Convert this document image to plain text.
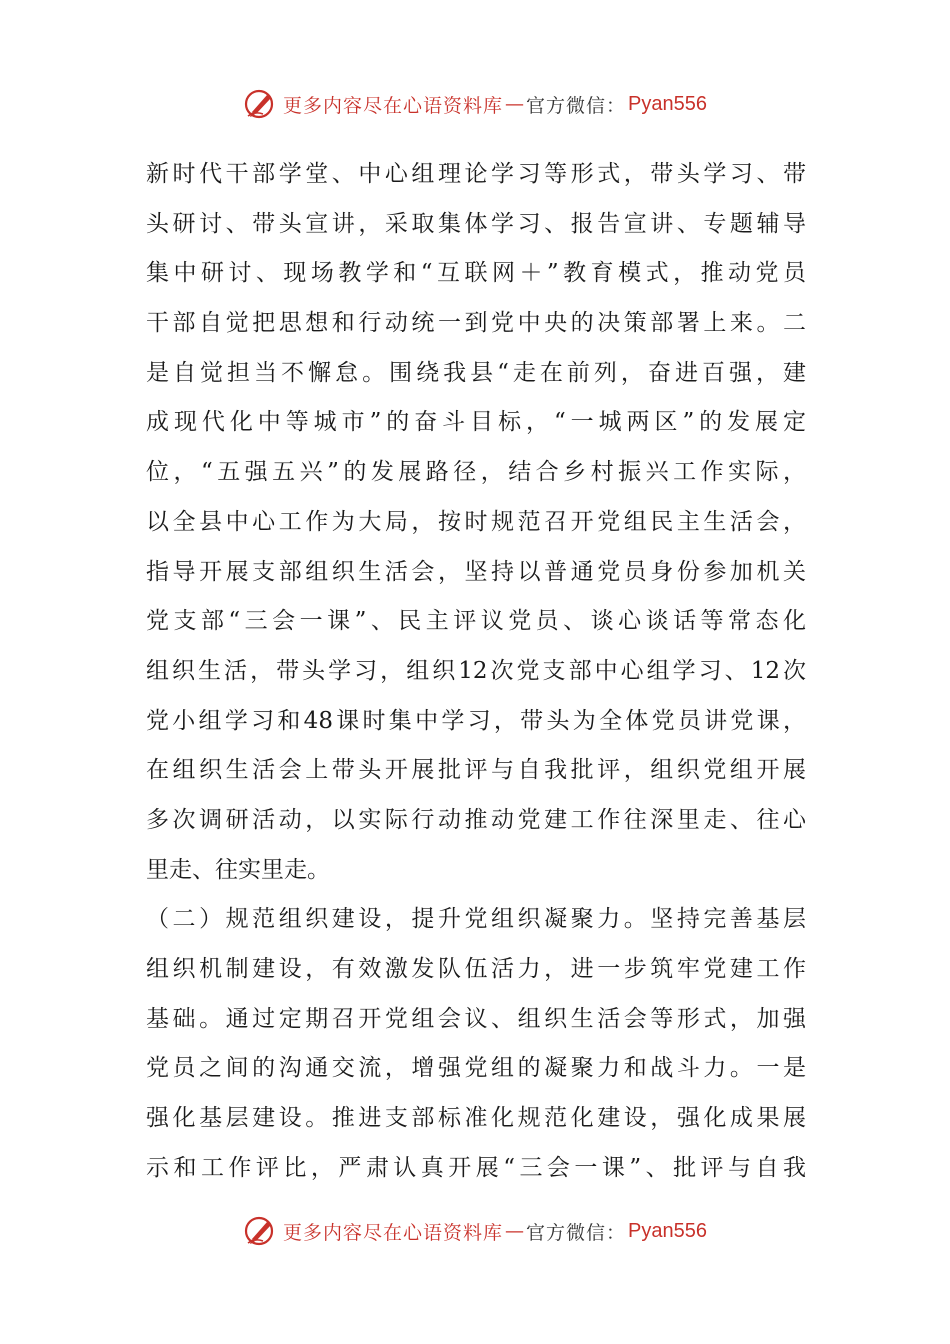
更多内容尽在心语资料库 — 官方微信： Pyan556
新时代干部学堂、中心组理论学习等形式，带头学习、带
头研讨、带头宣讲，采取集体学习、报告宣讲、专题辅导
集中研讨、现场教学和“互联网＋”教育模式，推动党员
干部自觉把思想和行动统一到党中央的决策部署上来。二
是自觉担当不懈怠。围绕我县“走在前列，奋进百强，建
成现代化中等城市”的奋斗目标，“一城两区”的发展定
位，“五强五兴”的发展路径，结合乡村振兴工作实际，
以全县中心工作为大局，按时规范召开党组民主生活会，
指导开展支部组织生活会，坚持以普通党员身份参加机关
党支部“三会一课”、民主评议党员、谈心谈话等常态化
组织生活，带头学习，组织12次党支部中心组学习、12次
党小组学习和48课时集中学习，带头为全体党员讲党课，
在组织生活会上带头开展批评与自我批评，组织党组开展
多次调研活动，以实际行动推动党建工作往深里走、往心
里走、往实里走。
（二）规范组织建设，提升党组织凝聚力。坚持完善基层
组织机制建设，有效激发队伍活力，进一步筑牢党建工作
基础。通过定期召开党组会议、组织生活会等形式，加强
党员之间的沟通交流，增强党组的凝聚力和战斗力。一是
强化基层建设。推进支部标准化规范化建设，强化成果展
示和工作评比，严肃认真开展“三会一课”、批评与自我
更多内容尽在心语资料库 — 官方微信： Pyan556
